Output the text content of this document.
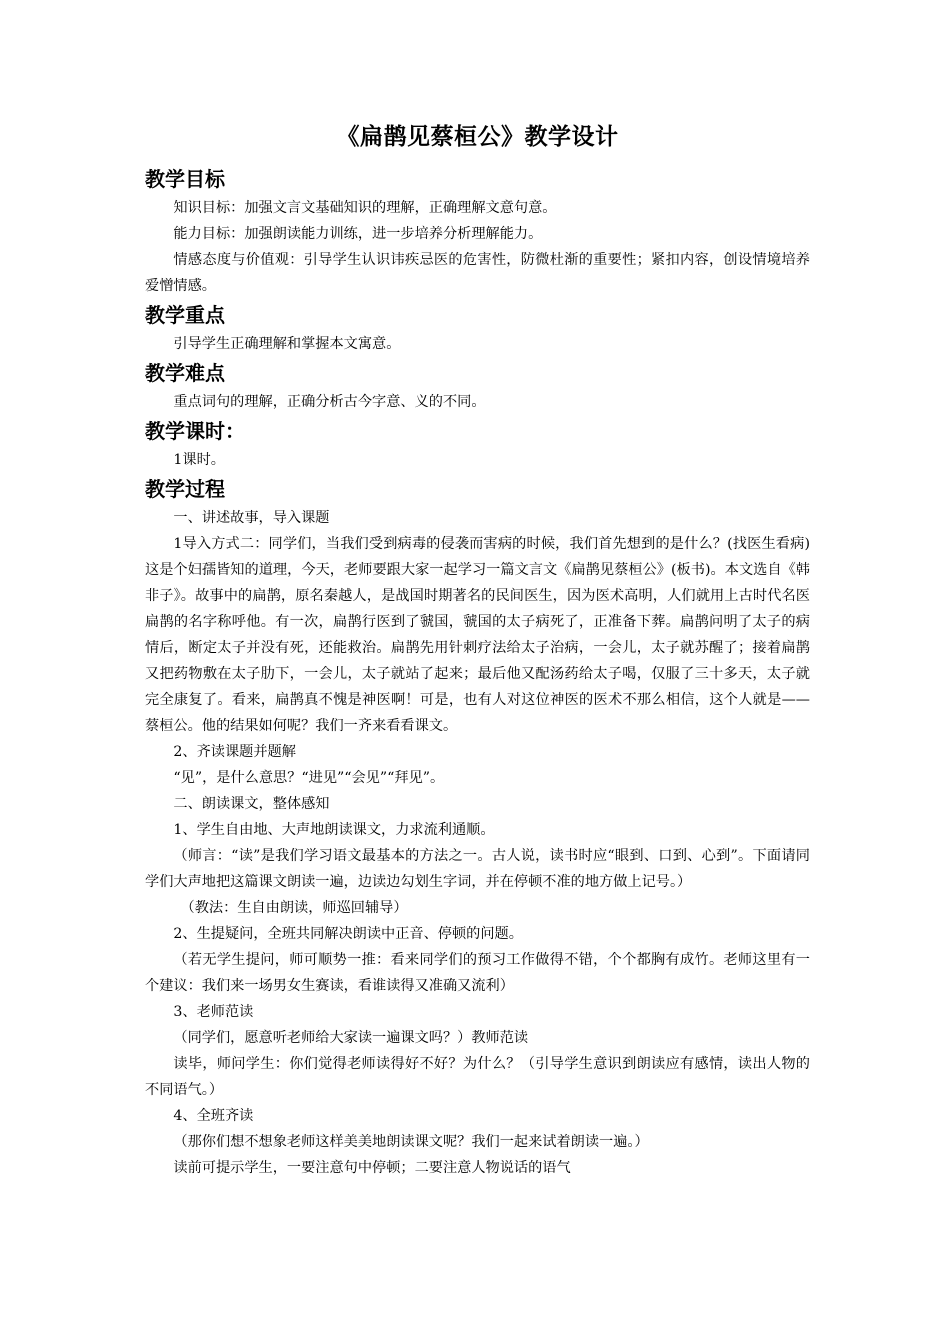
《扁鹊见蔡桓公》教学设计
教学目标

知识目标：加强文言文基础知识的理解，正确理解文意句意。

能力目标：加强朗读能力训练，进一步培养分析理解能力。

情感态度与价值观：引导学生认识讳疾忌医的危害性，防微杜渐的重要性；紧扣内容，创设情境培养爱憎情感。

教学重点

引导学生正确理解和掌握本文寓意。

教学难点

重点词句的理解，正确分析古今字意、义的不同。

教学课时：

1课时。

教学过程

一、讲述故事，导入课题

1导入方式二：同学们，当我们受到病毒的侵袭而害病的时候，我们首先想到的是什么？(找医生看病)这是个妇孺皆知的道理，今天，老师要跟大家一起学习一篇文言文《扁鹊见蔡桓公》(板书)。本文选自《韩非子》。故事中的扁鹊，原名秦越人，是战国时期著名的民间医生，因为医术高明，人们就用上古时代名医扁鹊的名字称呼他。有一次，扁鹊行医到了虢国，虢国的太子病死了，正准备下葬。扁鹊问明了太子的病情后，断定太子并没有死，还能救治。扁鹊先用针刺疗法给太子治病，一会儿，太子就苏醒了；接着扁鹊又把药物敷在太子肋下，一会儿，太子就站了起来；最后他又配汤药给太子喝，仅服了三十多天，太子就完全康复了。看来，扁鹊真不愧是神医啊！可是，也有人对这位神医的医术不那么相信，这个人就是——蔡桓公。他的结果如何呢？我们一齐来看看课文。

2、齐读课题并题解

“见”，是什么意思？“进见”“会见”“拜见”。

二、朗读课文，整体感知

1、学生自由地、大声地朗读课文，力求流利通顺。

（师言：“读”是我们学习语文最基本的方法之一。古人说，读书时应“眼到、口到、心到”。下面请同学们大声地把这篇课文朗读一遍，边读边勾划生字词，并在停顿不准的地方做上记号。）

（教法：生自由朗读，师巡回辅导）

2、生提疑问，全班共同解决朗读中正音、停顿的问题。

（若无学生提问，师可顺势一推：看来同学们的预习工作做得不错，个个都胸有成竹。老师这里有一个建议：我们来一场男女生赛读，看谁读得又准确又流利）

3、老师范读

（同学们，愿意听老师给大家读一遍课文吗？）教师范读

读毕，师问学生：你们觉得老师读得好不好？为什么？（引导学生意识到朗读应有感情，读出人物的不同语气。）

4、全班齐读

（那你们想不想象老师这样美美地朗读课文呢？我们一起来试着朗读一遍。）

读前可提示学生，一要注意句中停顿；二要注意人物说话的语气
